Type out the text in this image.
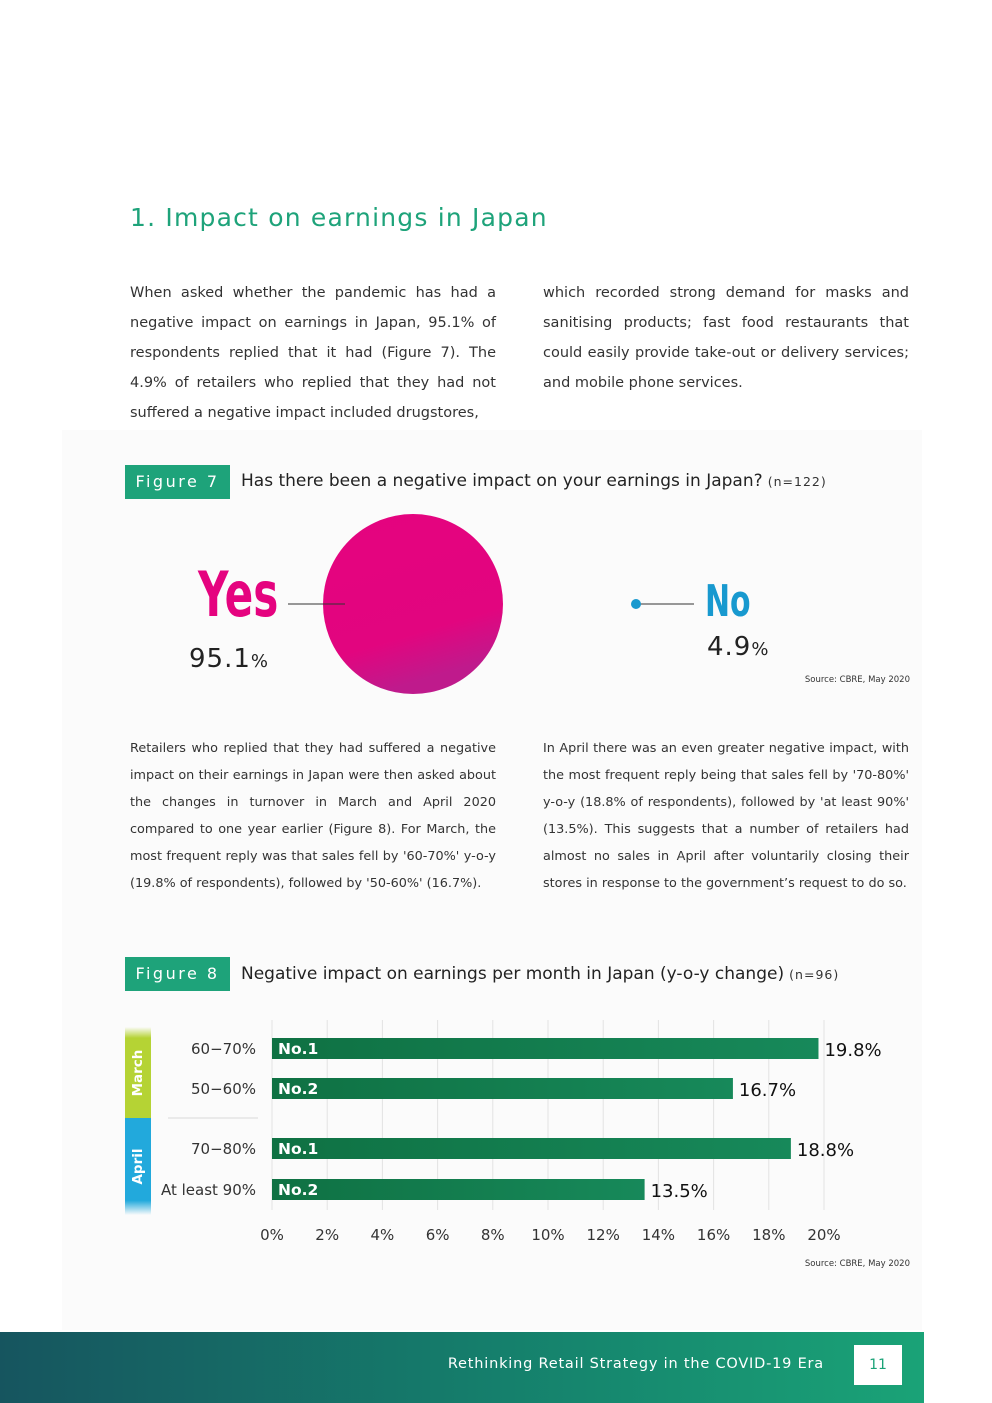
1. Impact on earnings in Japan
When asked whether the pandemic has had a negative impact on earnings in Japan, 95.1% of respondents replied that it had (Figure 7). The 4.9% of retailers who replied that they had not suffered a negative impact included drugstores,
which recorded strong demand for masks and sanitising products; fast food restaurants that could easily provide take-out or delivery services; and mobile phone services.
Figure 7	Has there been a negative impact on your earnings in Japan? (n=122)
Yes
95.1%
No
4.9%
Source: CBRE, May 2020
Retailers who replied that they had suffered a negative impact on their earnings in Japan were then asked about the changes in turnover in March and April 2020 compared to one year earlier (Figure 8). For March, the most frequent reply was that sales fell by '60-70%' y-o-y (19.8% of respondents), followed by '50-60%' (16.7%).
In April there was an even greater negative impact, with the most frequent reply being that sales fell by '70-80%' y-o-y (18.8% of respondents), followed by 'at least 90%' (13.5%). This suggests that a number of retailers had almost no sales in April after voluntarily closing their stores in response to the government’s request to do so.
Figure 8	Negative impact on earnings per month in Japan (y-o-y change) (n=96)
March
April
60−70% No.1	19.8%
50−60% No.2	16.7%
70−80% No.1	18.8%
At least 90% No.2	13.5%
0% 2% 4% 6% 8% 10% 12% 14% 16% 18% 20%
Source: CBRE, May 2020
Rethinking Retail Strategy in the COVID-19 Era	11
